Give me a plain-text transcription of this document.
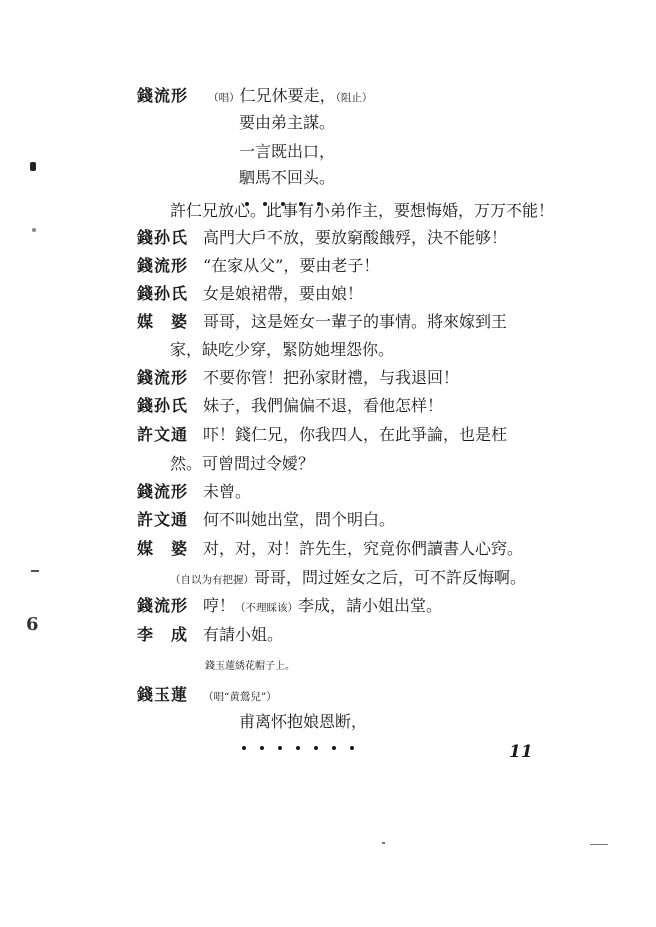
錢流形 （唱）仁兄休要走，（阻止）
要由弟主謀。
一言既出口，
駟馬不回头。
許仁兄放心。此事有小弟作主，要想悔婚，万万不能！
錢孙氏 高門大戶不放，要放窮酸餓殍，決不能够！
錢流形 “在家从父”，要由老子！
錢孙氏 女是娘裙帶，要由娘！
媒　婆 哥哥，这是姪女一輩子的事情。將來嫁到王
家，缺吃少穿，緊防她埋怨你。
錢流形 不要你管！把孙家財禮，与我退回！
錢孙氏 妹子，我們偏偏不退，看他怎样！
許文通 吓！錢仁兄，你我四人，在此爭論，也是枉
然。可曾問过令嬡？
錢流形 未曾。
許文通 何不叫她出堂，問个明白。
媒　婆 对，对，对！許先生，究竟你們讀書人心窍。
（自以为有把握）哥哥，問过姪女之后，可不許反悔啊。
錢流形 哼！（不理睬该）李成，請小姐出堂。
李　成 有請小姐。
錢玉蓮綉花帽子上。
錢玉蓮 （唱“黄鶯兒”）
甫离怀抱娘恩断，
11
6
